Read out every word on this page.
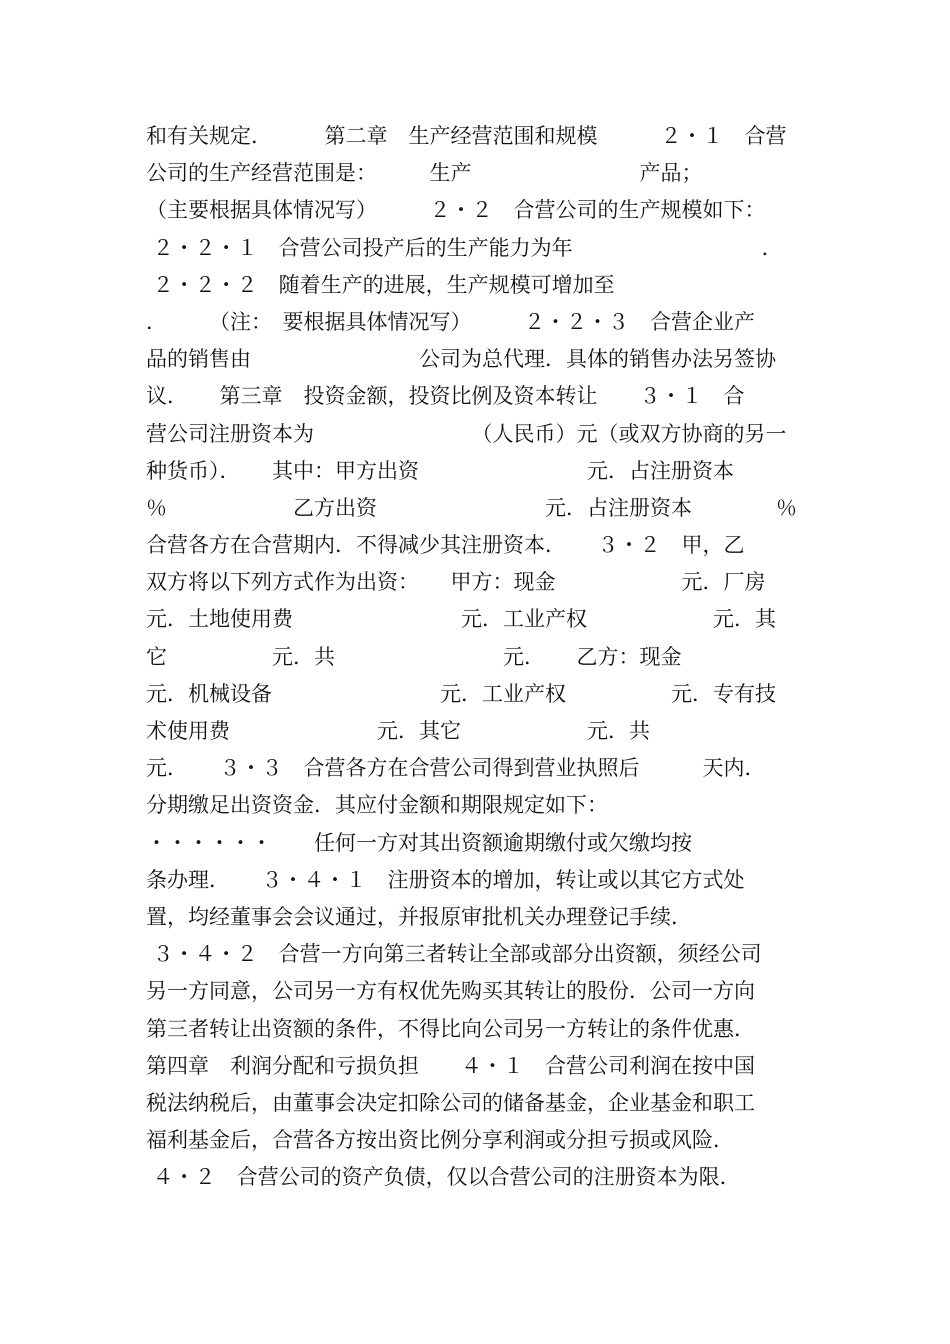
和有关规定．　　　第二章　生产经营范围和规模　　　２・１　合营
公司的生产经营范围是：　　　生产　　　　　　　　产品；
（主要根据具体情况写）　　　２・２　合营公司的生产规模如下：
２・２・１　合营公司投产后的生产能力为年　　　　　　　　　．
２・２・２　随着生产的进展，生产规模可增加至
．　　　（注：　要根据具体情况写）　　　２・２・３　合营企业产
品的销售由　　　　　　　　公司为总代理．具体的销售办法另签协
议．　　第三章　投资金额，投资比例及资本转让　　３・１　合
营公司注册资本为　　　　　　　　（人民币）元（或双方协商的另一
种货币）．　　其中：甲方出资　　　　　　　　元．占注册资本
％　　　　　　乙方出资　　　　　　　　元．占注册资本　　　　％
合营各方在合营期内．不得减少其注册资本．　　３・２　甲，乙
双方将以下列方式作为出资：　　甲方：现金　　　　　　元．厂房
元．土地使用费　　　　　　　　元．工业产权　　　　　　元．其
它　　　　　元．共　　　　　　　　元．　　乙方：现金
元．机械设备　　　　　　　　元．工业产权　　　　　元．专有技
术使用费　　　　　　　元．其它　　　　　　元．共
元．　　３・３　合营各方在合营公司得到营业执照后　　　天内．
分期缴足出资资金．其应付金额和期限规定如下：
・・・・・・　　任何一方对其出资额逾期缴付或欠缴均按
条办理．　　３・４・１　注册资本的增加，转让或以其它方式处
置，均经董事会会议通过，并报原审批机关办理登记手续．
３・４・２　合营一方向第三者转让全部或部分出资额，须经公司
另一方同意，公司另一方有权优先购买其转让的股份．公司一方向
第三者转让出资额的条件，不得比向公司另一方转让的条件优惠．
第四章　利润分配和亏损负担　　４・１　合营公司利润在按中国
税法纳税后，由董事会决定扣除公司的储备基金，企业基金和职工
福利基金后，合营各方按出资比例分享利润或分担亏损或风险．
４・２　合营公司的资产负债，仅以合营公司的注册资本为限．
